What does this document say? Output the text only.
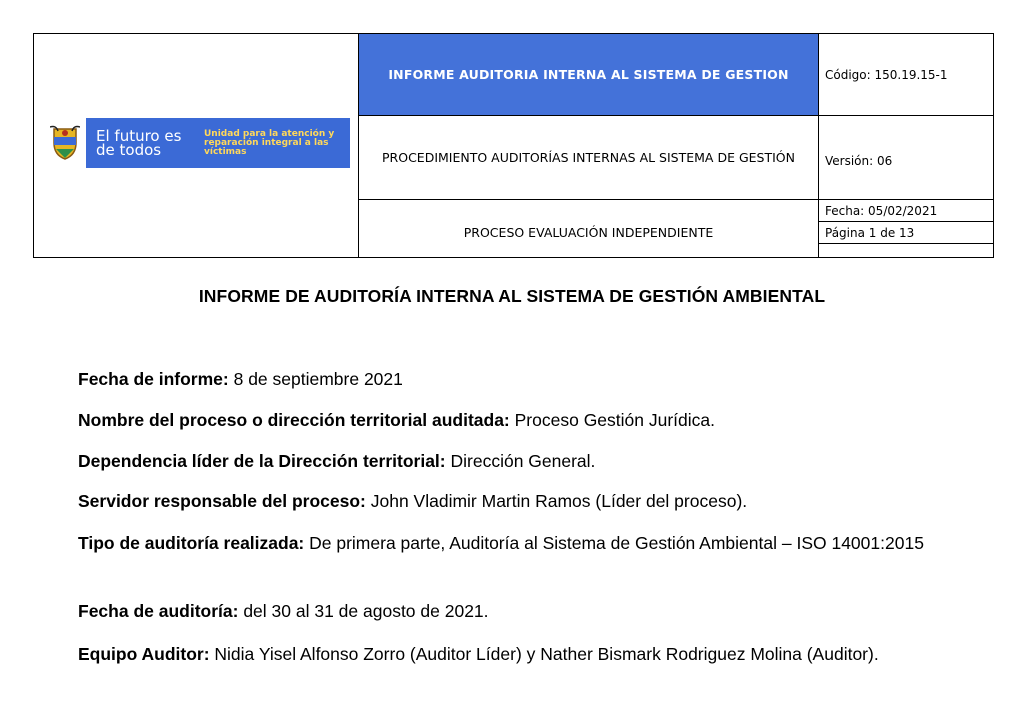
El futuro es de todos
Unidad para la atención y reparación integral a las víctimas
INFORME AUDITORIA INTERNA AL SISTEMA DE GESTION
PROCEDIMIENTO AUDITORÍAS INTERNAS AL SISTEMA DE GESTIÓN
PROCESO EVALUACIÓN INDEPENDIENTE
Código: 150.19.15-1
Versión: 06
Fecha: 05/02/2021
Página 1 de 13
INFORME DE AUDITORÍA INTERNA AL SISTEMA DE GESTIÓN AMBIENTAL
Fecha de informe: 8 de septiembre 2021
Nombre del proceso o dirección territorial auditada: Proceso Gestión Jurídica.
Dependencia líder de la Dirección territorial: Dirección General.
Servidor responsable del proceso: John Vladimir Martin Ramos (Líder del proceso).
Tipo de auditoría realizada: De primera parte, Auditoría al Sistema de Gestión Ambiental – ISO 14001:2015
Fecha de auditoría: del 30 al 31 de agosto de 2021.
Equipo Auditor: Nidia Yisel Alfonso Zorro (Auditor Líder) y Nather Bismark Rodriguez Molina (Auditor).
